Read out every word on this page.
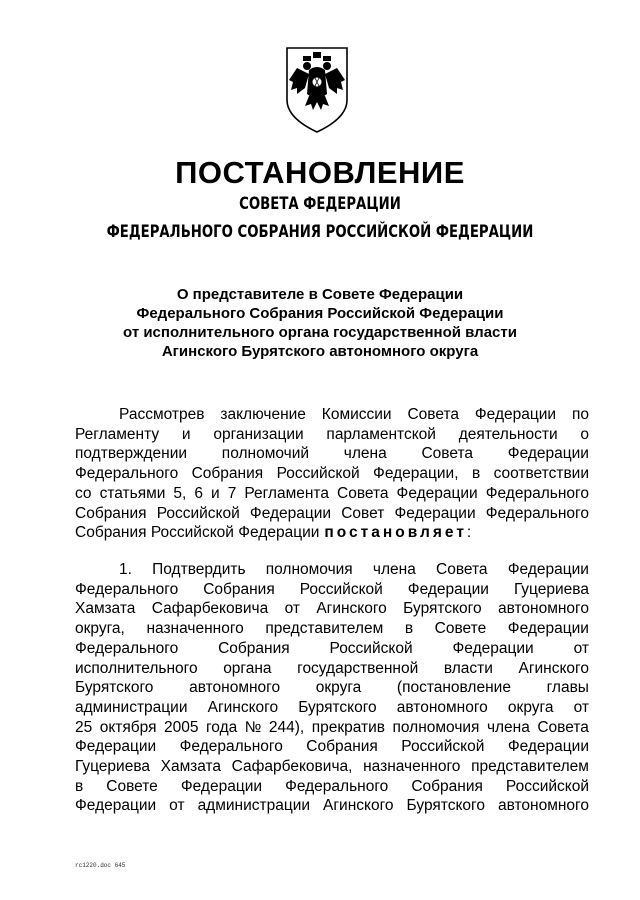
ПОСТАНОВЛЕНИЕ
СОВЕТА ФЕДЕРАЦИИ
ФЕДЕРАЛЬНОГО СОБРАНИЯ РОССИЙСКОЙ ФЕДЕРАЦИИ
О представителе в Совете Федерации
Федерального Собрания Российской Федерации
от исполнительного органа государственной власти
Агинского Бурятского автономного округа
Рассмотрев заключение Комиссии Совета Федерации по
Регламенту и организации парламентской деятельности о
подтверждении полномочий члена Совета Федерации
Федерального Собрания Российской Федерации, в соответствии
со статьями 5, 6 и 7 Регламента Совета Федерации Федерального
Собрания Российской Федерации Совет Федерации Федерального
Собрания Российской Федерации постановляет :
1. Подтвердить полномочия члена Совета Федерации
Федерального Собрания Российской Федерации Гуцериева
Хамзата Сафарбековича от Агинского Бурятского автономного
округа, назначенного представителем в Совете Федерации
Федерального	Собрания	Российской	Федерации	от
исполнительного органа государственной власти Агинского
Бурятского автономного округа (постановление главы
администрации Агинского Бурятского автономного округа от
25 октября 2005 года № 244), прекратив полномочия члена Совета
Федерации Федерального Собрания Российской Федерации
Гуцериева Хамзата Сафарбековича, назначенного представителем
в Совете Федерации Федерального Собрания Российской
Федерации от администрации Агинского Бурятского автономного
rc1220.doc 645
